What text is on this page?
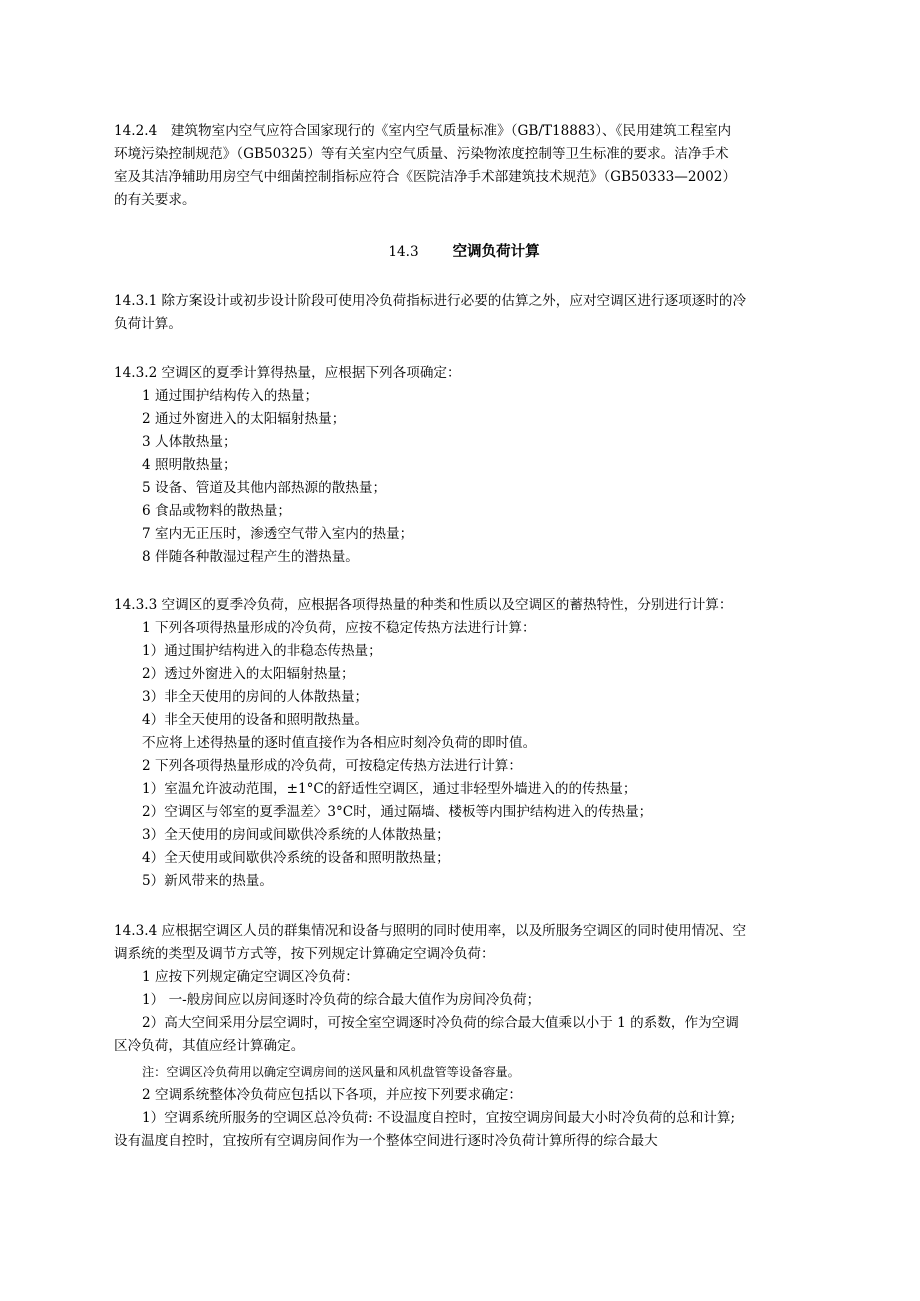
14.2.4　建筑物室内空气应符合国家现行的《室内空气质量标准》（GB/T18883）、《民用建筑工程室内

环境污染控制规范》（GB50325）等有关室内空气质量、污染物浓度控制等卫生标准的要求。洁净手术

室及其洁净辅助用房空气中细菌控制指标应符合《医院洁净手术部建筑技术规范》（GB50333—2002）

的有关要求。

14.3 空调负荷计算

14.3.1 除方案设计或初步设计阶段可使用冷负荷指标进行必要的估算之外，应对空调区进行逐项逐时的冷

负荷计算。

14.3.2 空调区的夏季计算得热量，应根据下列各项确定：

1 通过围护结构传入的热量；

2 通过外窗进入的太阳辐射热量；

3 人体散热量；

4 照明散热量；

5 设备、管道及其他内部热源的散热量；

6 食品或物料的散热量；

7 室内无正压时，渗透空气带入室内的热量；

8 伴随各种散湿过程产生的潜热量。

14.3.3 空调区的夏季冷负荷，应根据各项得热量的种类和性质以及空调区的蓄热特性，分别进行计算：

1 下列各项得热量形成的冷负荷，应按不稳定传热方法进行计算：

1）通过围护结构进入的非稳态传热量；

2）透过外窗进入的太阳辐射热量；

3）非全天使用的房间的人体散热量；

4）非全天使用的设备和照明散热量。

不应将上述得热量的逐时值直接作为各相应时刻冷负荷的即时值。

2 下列各项得热量形成的冷负荷，可按稳定传热方法进行计算：

1）室温允许波动范围，±1°C的舒适性空调区，通过非轻型外墙进入的的传热量；

2）空调区与邻室的夏季温差〉3°C时，通过隔墙、楼板等内围护结构进入的传热量；

3）全天使用的房间或间歇供冷系统的人体散热量；

4）全天使用或间歇供冷系统的设备和照明散热量；

5）新风带来的热量。

14.3.4 应根据空调区人员的群集情况和设备与照明的同时使用率，以及所服务空调区的同时使用情况、空

调系统的类型及调节方式等，按下列规定计算确定空调冷负荷：

1 应按下列规定确定空调区冷负荷：

1） 一-般房间应以房间逐时冷负荷的综合最大值作为房间冷负荷；

2）高大空间采用分层空调时，可按全室空调逐时冷负荷的综合最大值乘以小于 1 的系数，作为空调

区冷负荷，其值应经计算确定。

注：空调区冷负荷用以确定空调房间的送风量和风机盘管等设备容量。

2 空调系统整体冷负荷应包括以下各项，并应按下列要求确定：

1）空调系统所服务的空调区总冷负荷: 不设温度自控时，宜按空调房间最大小时冷负荷的总和计算;

设有温度自控时，宜按所有空调房间作为一个整体空间进行逐时冷负荷计算所得的综合最大
